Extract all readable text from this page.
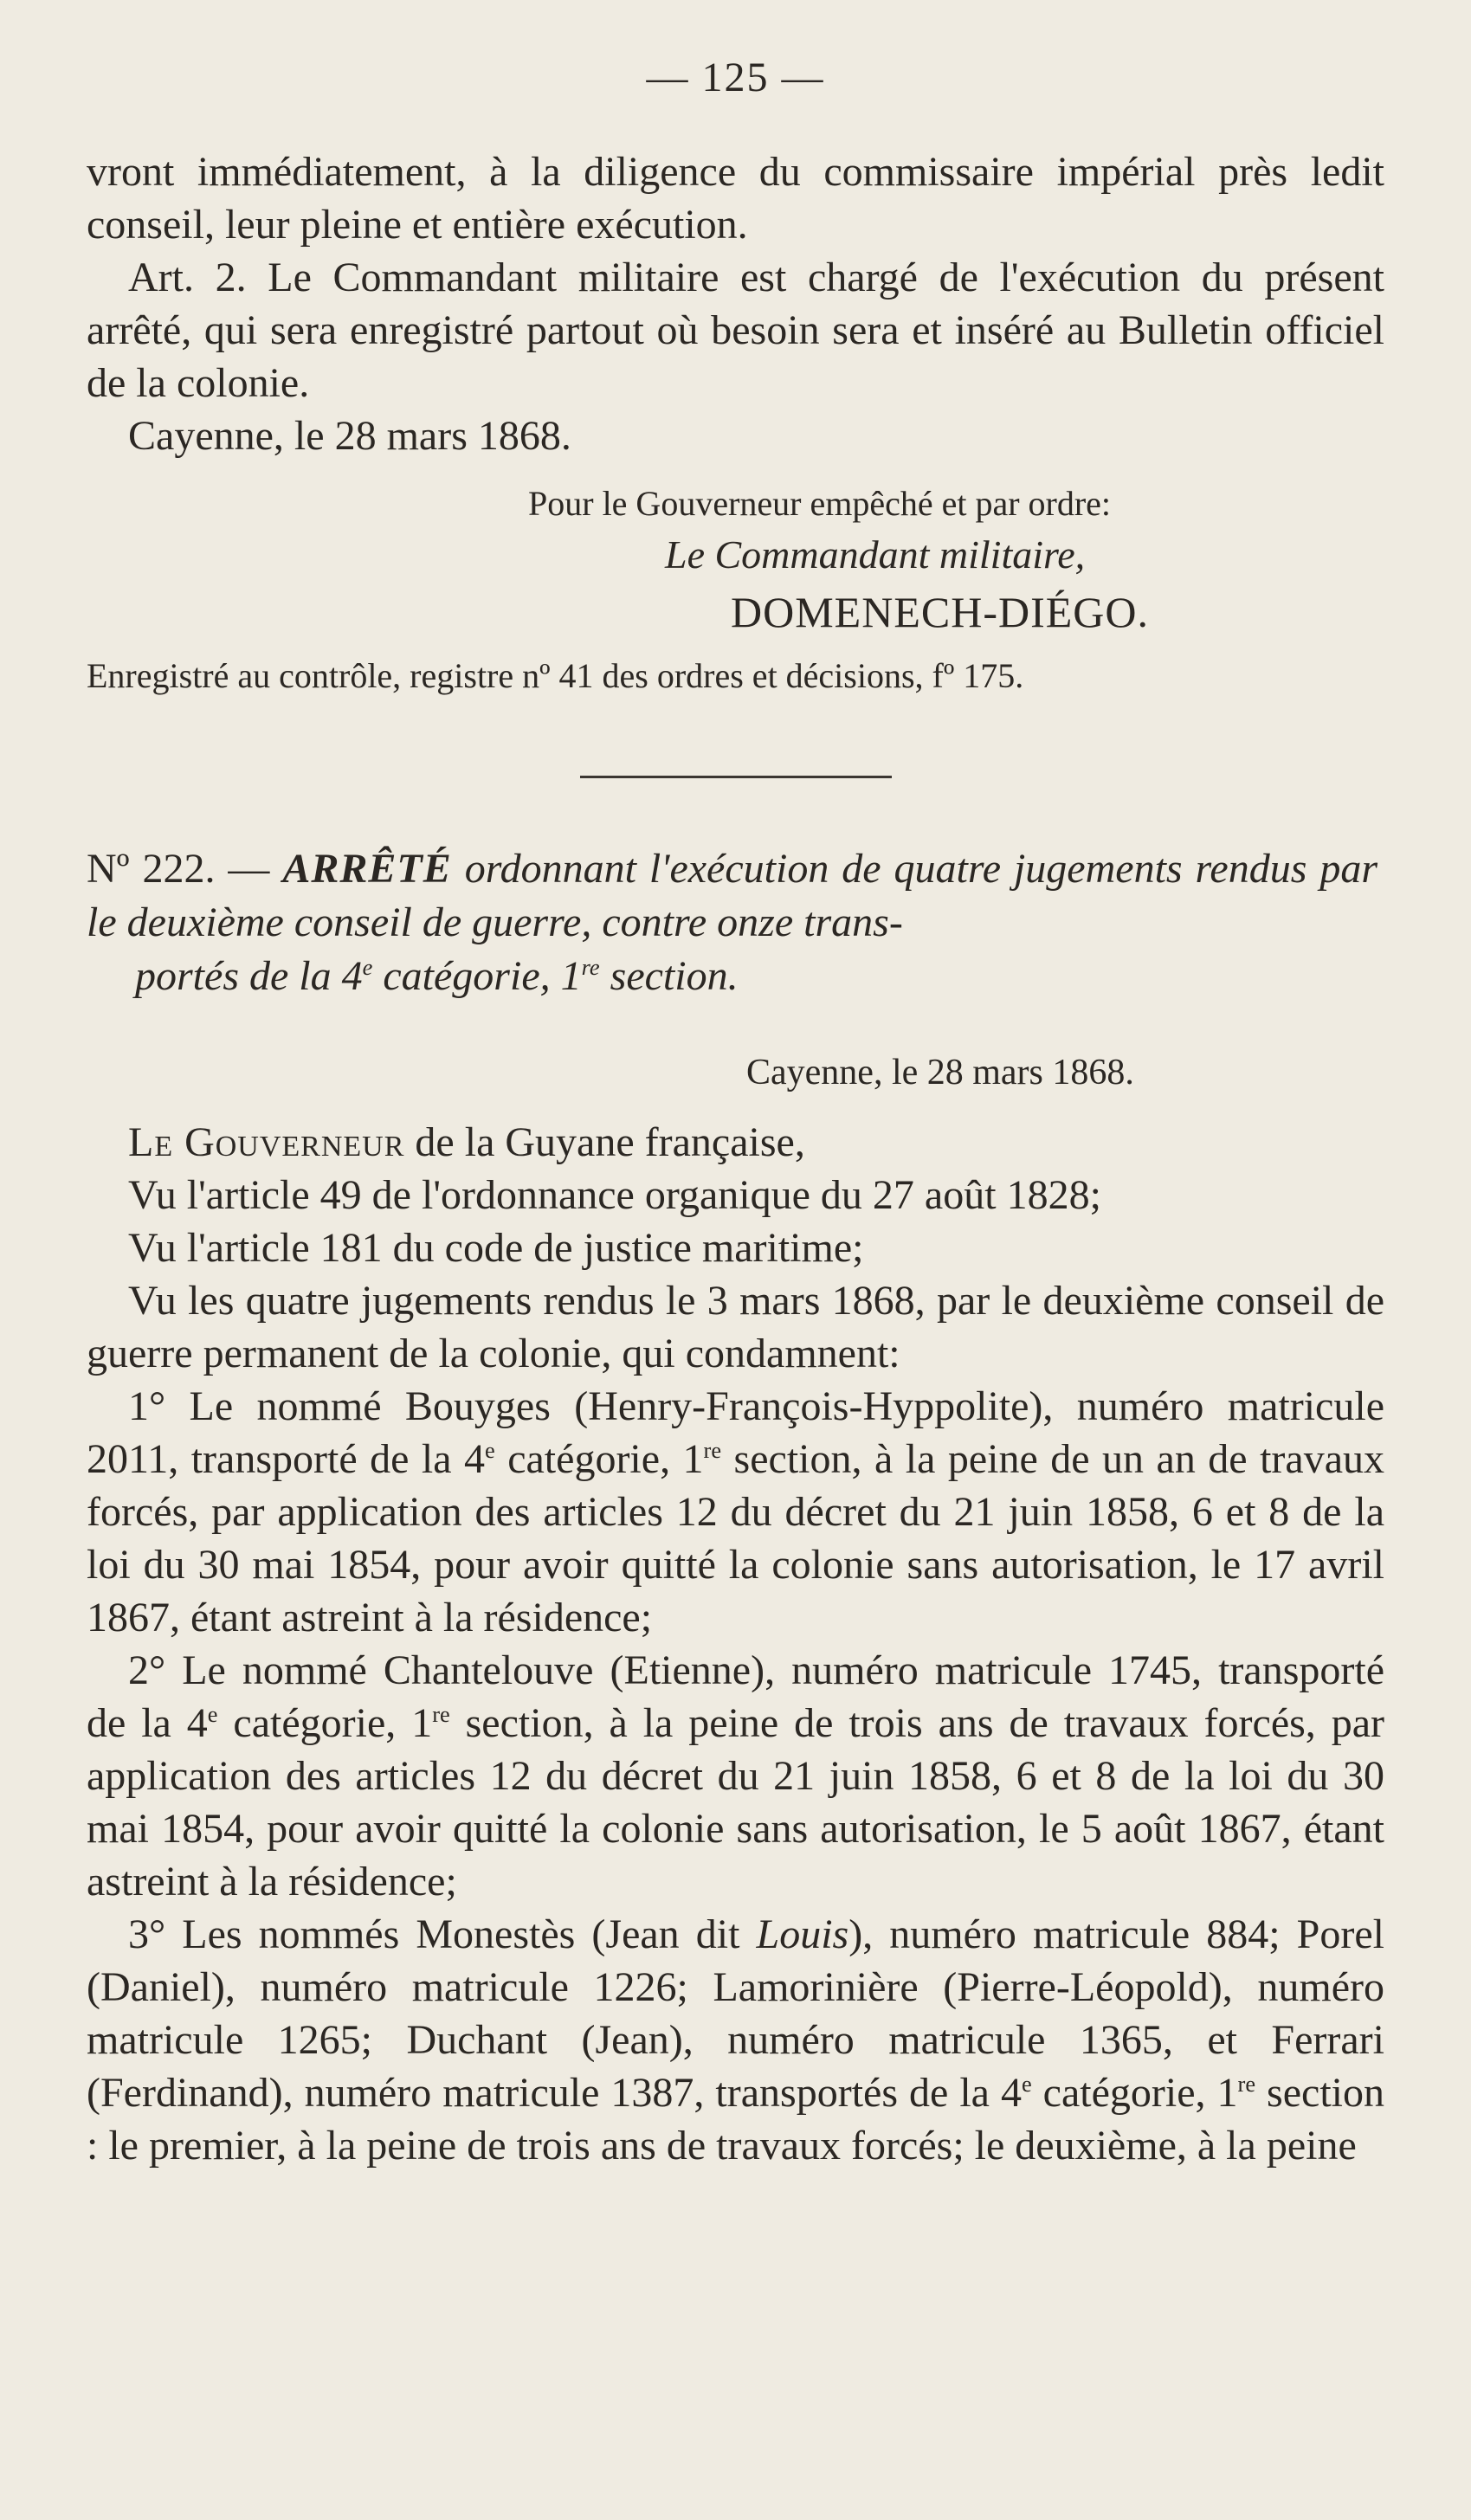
— 125 —

vront immédiatement, à la diligence du commissaire impérial près ledit conseil, leur pleine et entière exécution.

Art. 2. Le Commandant militaire est chargé de l'exécution du présent arrêté, qui sera enregistré partout où besoin sera et inséré au Bulletin officiel de la colonie.

Cayenne, le 28 mars 1868.

Pour le Gouverneur empêché et par ordre:

Le Commandant militaire,

DOMENECH-DIÉGO.

Enregistré au contrôle, registre nº 41 des ordres et décisions, fº 175.

Nº 222. — ARRÊTÉ ordonnant l'exécution de quatre jugements rendus par le deuxième conseil de guerre, contre onze trans-

portés de la 4e catégorie, 1re section.

Cayenne, le 28 mars 1868.

Le Gouverneur de la Guyane française,

Vu l'article 49 de l'ordonnance organique du 27 août 1828;

Vu l'article 181 du code de justice maritime;

Vu les quatre jugements rendus le 3 mars 1868, par le deuxième conseil de guerre permanent de la colonie, qui condamnent:

1° Le nommé Bouyges (Henry-François-Hyppolite), numéro matricule 2011, transporté de la 4e catégorie, 1re section, à la peine de un an de travaux forcés, par application des articles 12 du décret du 21 juin 1858, 6 et 8 de la loi du 30 mai 1854, pour avoir quitté la colonie sans autorisation, le 17 avril 1867, étant astreint à la résidence;

2° Le nommé Chantelouve (Etienne), numéro matricule 1745, transporté de la 4e catégorie, 1re section, à la peine de trois ans de travaux forcés, par application des articles 12 du décret du 21 juin 1858, 6 et 8 de la loi du 30 mai 1854, pour avoir quitté la colonie sans autorisation, le 5 août 1867, étant astreint à la résidence;

3° Les nommés Monestès (Jean dit Louis), numéro matricule 884; Porel (Daniel), numéro matricule 1226; Lamorinière (Pierre-Léopold), numéro matricule 1265; Duchant (Jean), numéro matricule 1365, et Ferrari (Ferdinand), numéro matricule 1387, transportés de la 4e catégorie, 1re section : le premier, à la peine de trois ans de travaux forcés; le deuxième, à la peine
